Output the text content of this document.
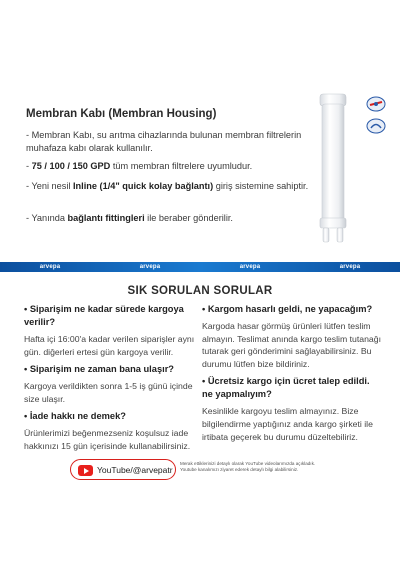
Membran Kabı (Membran Housing)
- Membran Kabı, su arıtma cihazlarında bulunan membran filtrelerin muhafaza kabı olarak kullanılır.
- 75 / 100 / 150 GPD tüm membran filtrelere uyumludur.
- Yeni nesil Inline (1/4" quick kolay bağlantı) giriş sistemine sahiptir.
- Yanında bağlantı fittingleri ile beraber gönderilir.
arvepa	arvepa	arvepa	arvepa
SIK SORULAN SORULAR
• Siparişim ne kadar sürede kargoya verilir?
Hafta içi 16:00'a kadar verilen siparişler aynı gün. diğerleri ertesi gün kargoya verilir.
• Siparişim ne zaman bana ulaşır?
Kargoya verildikten sonra 1-5 iş günü içinde size ulaşır.
• İade hakkı ne demek?
Ürünlerimizi beğenmezseniz koşulsuz iade hakkınızı 15 gün içerisinde kullanabilirsiniz.
• Kargom hasarlı geldi, ne yapacağım?
Kargoda hasar görmüş ürünleri lütfen teslim almayın. Teslimat anında kargo teslim tutanağı tutarak geri gönderimini sağlayabilirsiniz. Bu durumu lütfen bize bildiriniz.
• Ücretsiz kargo için ücret talep edildi. ne yapmalıyım?
Kesinlikle kargoyu teslim almayınız. Bize bilgilendirme yaptığınız anda kargo şirketi ile irtibata geçerek bu durumu düzeltebiliriz.
YouTube/@arvepatr
Merak ettiklerinizi detaylı olarak YouTube videolarımızda açıkladık. Youtube kanalımızı ziyaret ederek detaylı bilgi alabilirsiniz.
